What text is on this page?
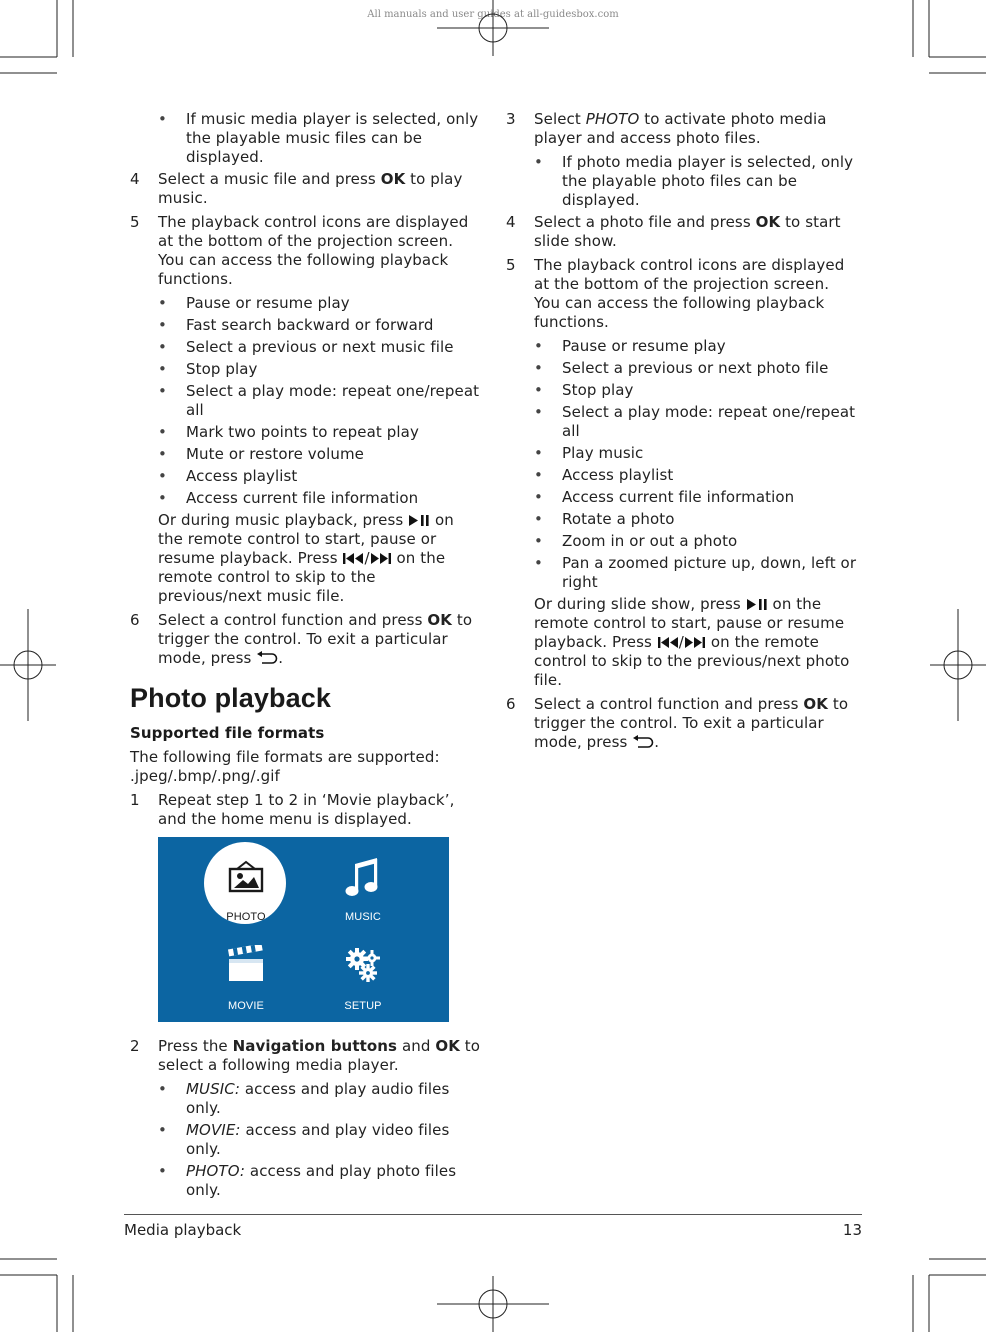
All manuals and user guides at all-guidesbox.com
• If music media player is selected, only the playable music files can be displayed.
4 Select a music file and press OK to play music.
5 The playback control icons are displayed at the bottom of the projection screen. You can access the following playback functions.
• Pause or resume play
• Fast search backward or forward
• Select a previous or next music file
• Stop play
• Select a play mode: repeat one/repeat all
• Mark two points to repeat play
• Mute or restore volume
• Access playlist
• Access current file information
Or during music playback, press
on the remote control to start, pause or resume playback. Press
/
on the remote control to skip to the previous/next music file.
6 Select a control function and press OK to trigger the control. To exit a particular mode, press
.
Photo playback
Supported file formats
The following file formats are supported: .jpeg/.bmp/.png/.gif
1 Repeat step 1 to 2 in ‘Movie playback’, and the home menu is displayed.
PHOTO	MUSIC
MOVIE	SETUP
2 Press the Navigation buttons and OK to select a following media player.
• MUSIC: access and play audio files only.
• MOVIE: access and play video files only.
• PHOTO: access and play photo files only.
3 Select PHOTO to activate photo media player and access photo files.
• If photo media player is selected, only the playable photo files can be displayed.
4 Select a photo file and press OK to start slide show.
5 The playback control icons are displayed at the bottom of the projection screen. You can access the following playback functions.
• Pause or resume play
• Select a previous or next photo file
• Stop play
• Select a play mode: repeat one/repeat all
• Play music
• Access playlist
• Access current file information
• Rotate a photo
• Zoom in or out a photo
• Pan a zoomed picture up, down, left or right
Or during slide show, press
on the remote control to start, pause or resume playback. Press
/
on the remote control to skip to the previous/next photo file.
6 Select a control function and press OK to trigger the control. To exit a particular mode, press
.
Media playback	13
